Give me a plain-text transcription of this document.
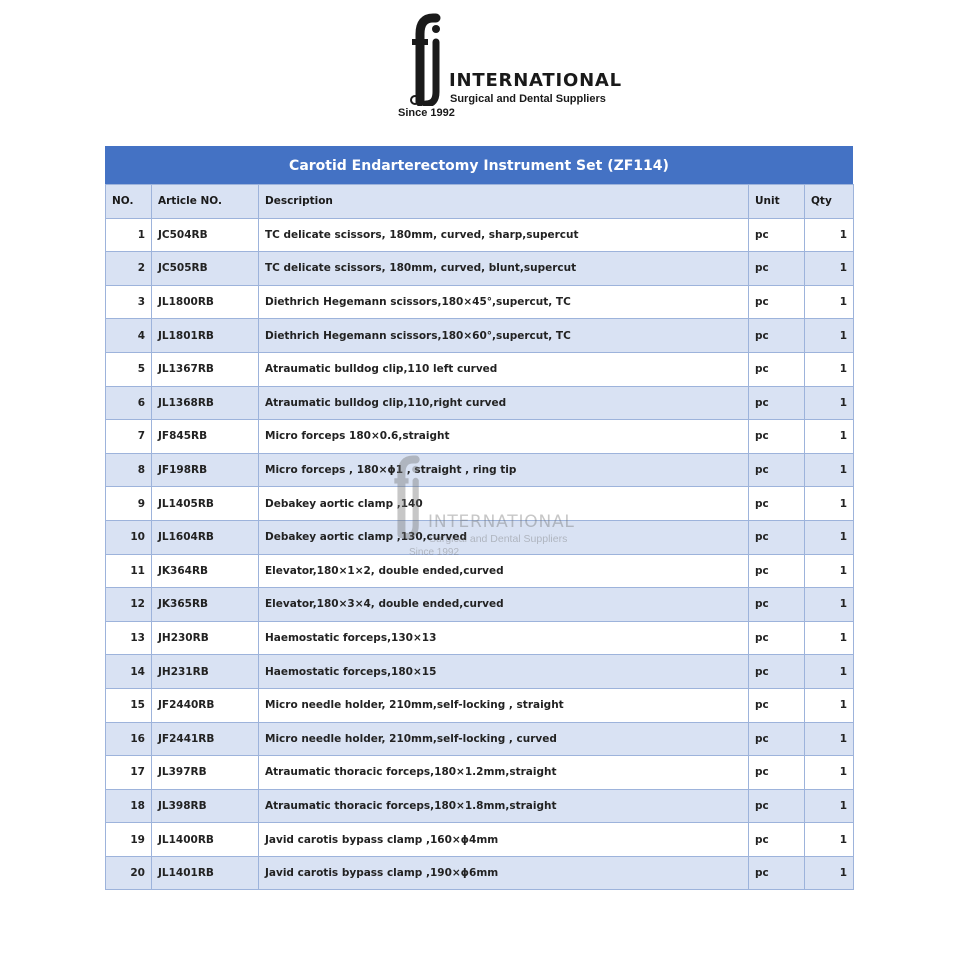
INTERNATIONAL
Surgical and Dental Suppliers
Since 1992
Carotid Endarterectomy Instrument Set (ZF114)
NO.	Article NO.	Description	Unit	Qty
1	JC504RB	TC delicate scissors, 180mm, curved, sharp,supercut	pc	1
2	JC505RB	TC delicate scissors, 180mm, curved, blunt,supercut	pc	1
3	JL1800RB	Diethrich Hegemann scissors,180×45°,supercut, TC	pc	1
4	JL1801RB	Diethrich Hegemann scissors,180×60°,supercut, TC	pc	1
5	JL1367RB	Atraumatic bulldog clip,110 left curved	pc	1
6	JL1368RB	Atraumatic bulldog clip,110,right curved	pc	1
7	JF845RB	Micro forceps 180×0.6,straight	pc	1
8	JF198RB	Micro forceps , 180×ɸ1 , straight , ring tip	pc	1
9	JL1405RB	Debakey aortic clamp ,140	pc	1
10	JL1604RB	Debakey aortic clamp ,130,curved	pc	1
11	JK364RB	Elevator,180×1×2, double ended,curved	pc	1
12	JK365RB	Elevator,180×3×4, double ended,curved	pc	1
13	JH230RB	Haemostatic forceps,130×13	pc	1
14	JH231RB	Haemostatic forceps,180×15	pc	1
15	JF2440RB	Micro needle holder, 210mm,self-locking , straight	pc	1
16	JF2441RB	Micro needle holder, 210mm,self-locking , curved	pc	1
17	JL397RB	Atraumatic thoracic forceps,180×1.2mm,straight	pc	1
18	JL398RB	Atraumatic thoracic forceps,180×1.8mm,straight	pc	1
19	JL1400RB	Javid carotis bypass clamp ,160×ɸ4mm	pc	1
20	JL1401RB	Javid carotis bypass clamp ,190×ɸ6mm	pc	1
INTERNATIONAL
Surgical and Dental Suppliers
Since 1992
